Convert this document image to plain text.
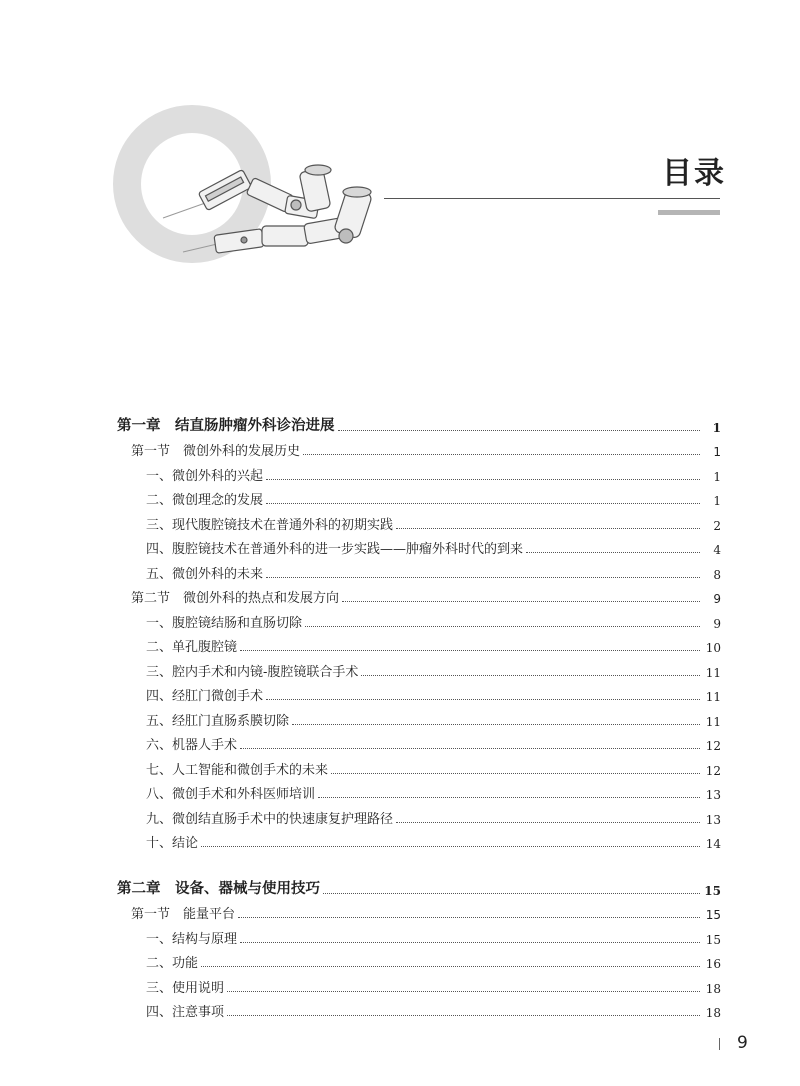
目录
第一章　结直肠肿瘤外科诊治进展	1
第一节　微创外科的发展历史	1
一、微创外科的兴起	1
二、微创理念的发展	1
三、现代腹腔镜技术在普通外科的初期实践	2
四、腹腔镜技术在普通外科的进一步实践——肿瘤外科时代的到来	4
五、微创外科的未来	8
第二节　微创外科的热点和发展方向	9
一、腹腔镜结肠和直肠切除	9
二、单孔腹腔镜	10
三、腔内手术和内镜-腹腔镜联合手术	11
四、经肛门微创手术	11
五、经肛门直肠系膜切除	11
六、机器人手术	12
七、人工智能和微创手术的未来	12
八、微创手术和外科医师培训	13
九、微创结直肠手术中的快速康复护理路径	13
十、结论	14
第二章　设备、器械与使用技巧	15
第一节　能量平台	15
一、结构与原理	15
二、功能	16
三、使用说明	18
四、注意事项	18
9
